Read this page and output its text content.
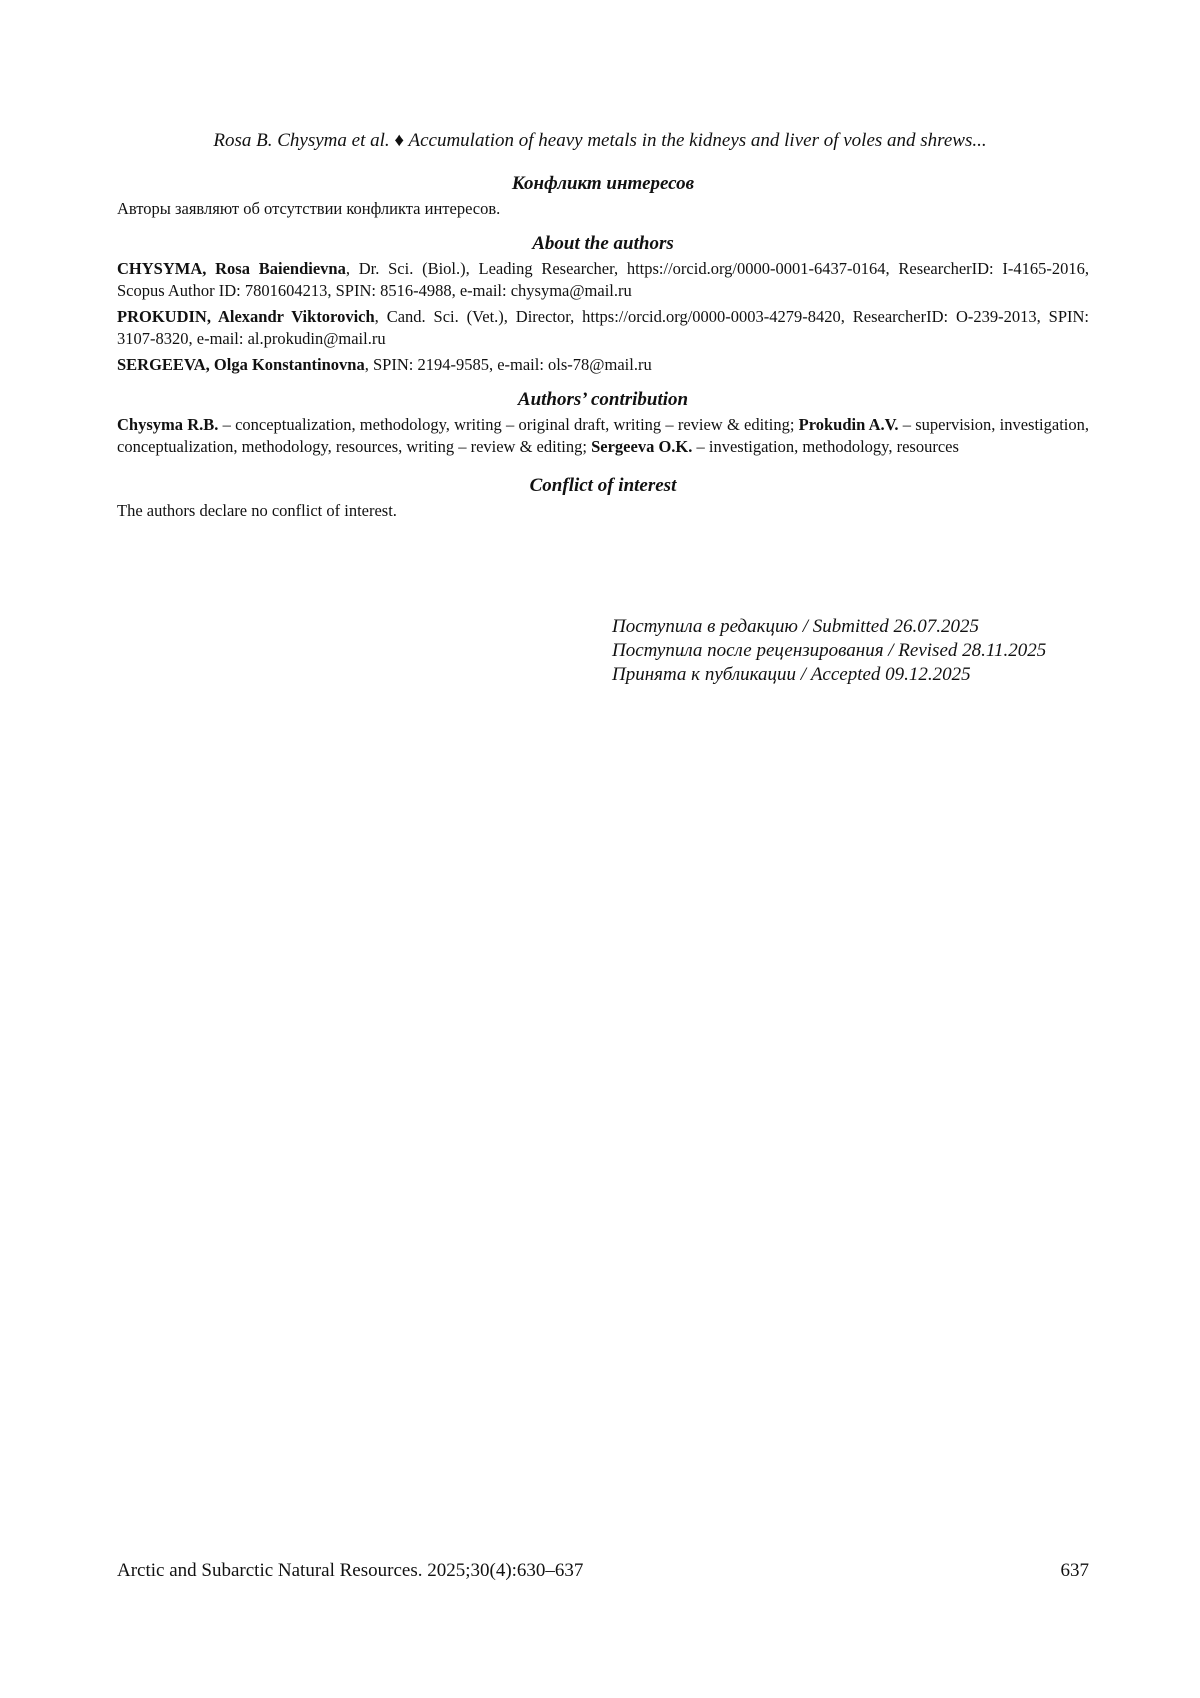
Rosa B. Chysyma et al. ♦ Accumulation of heavy metals in the kidneys and liver of voles and shrews...
Конфликт интересов

Авторы заявляют об отсутствии конфликта интересов.

About the authors

CHYSYMA, Rosa Baiendievna, Dr. Sci. (Biol.), Leading Researcher, https://orcid.org/0000-0001-6437-0164, ResearcherID: I-4165-2016, Scopus Author ID: 7801604213, SPIN: 8516-4988, e-mail: chysyma@mail.ru

PROKUDIN, Alexandr Viktorovich, Cand. Sci. (Vet.), Director, https://orcid.org/0000-0003-4279-8420, ResearcherID: O-239-2013, SPIN: 3107-8320, e-mail: al.prokudin@mail.ru

SERGEEVA, Olga Konstantinovna, SPIN: 2194-9585, e-mail: ols-78@mail.ru

Authors’ contribution

Chysyma R.B. – conceptualization, methodology, writing – original draft, writing – review & editing; Prokudin A.V. – supervision, investigation, conceptualization, methodology, resources, writing – review & editing; Sergeeva O.K. – investigation, methodology, resources

Conflict of interest

The authors declare no conflict of interest.

Поступила в редакцию / Submitted 26.07.2025
Поступила после рецензирования / Revised 28.11.2025
Принята к публикации / Accepted 09.12.2025
Arctic and Subarctic Natural Resources. 2025;30(4):630–637	637
